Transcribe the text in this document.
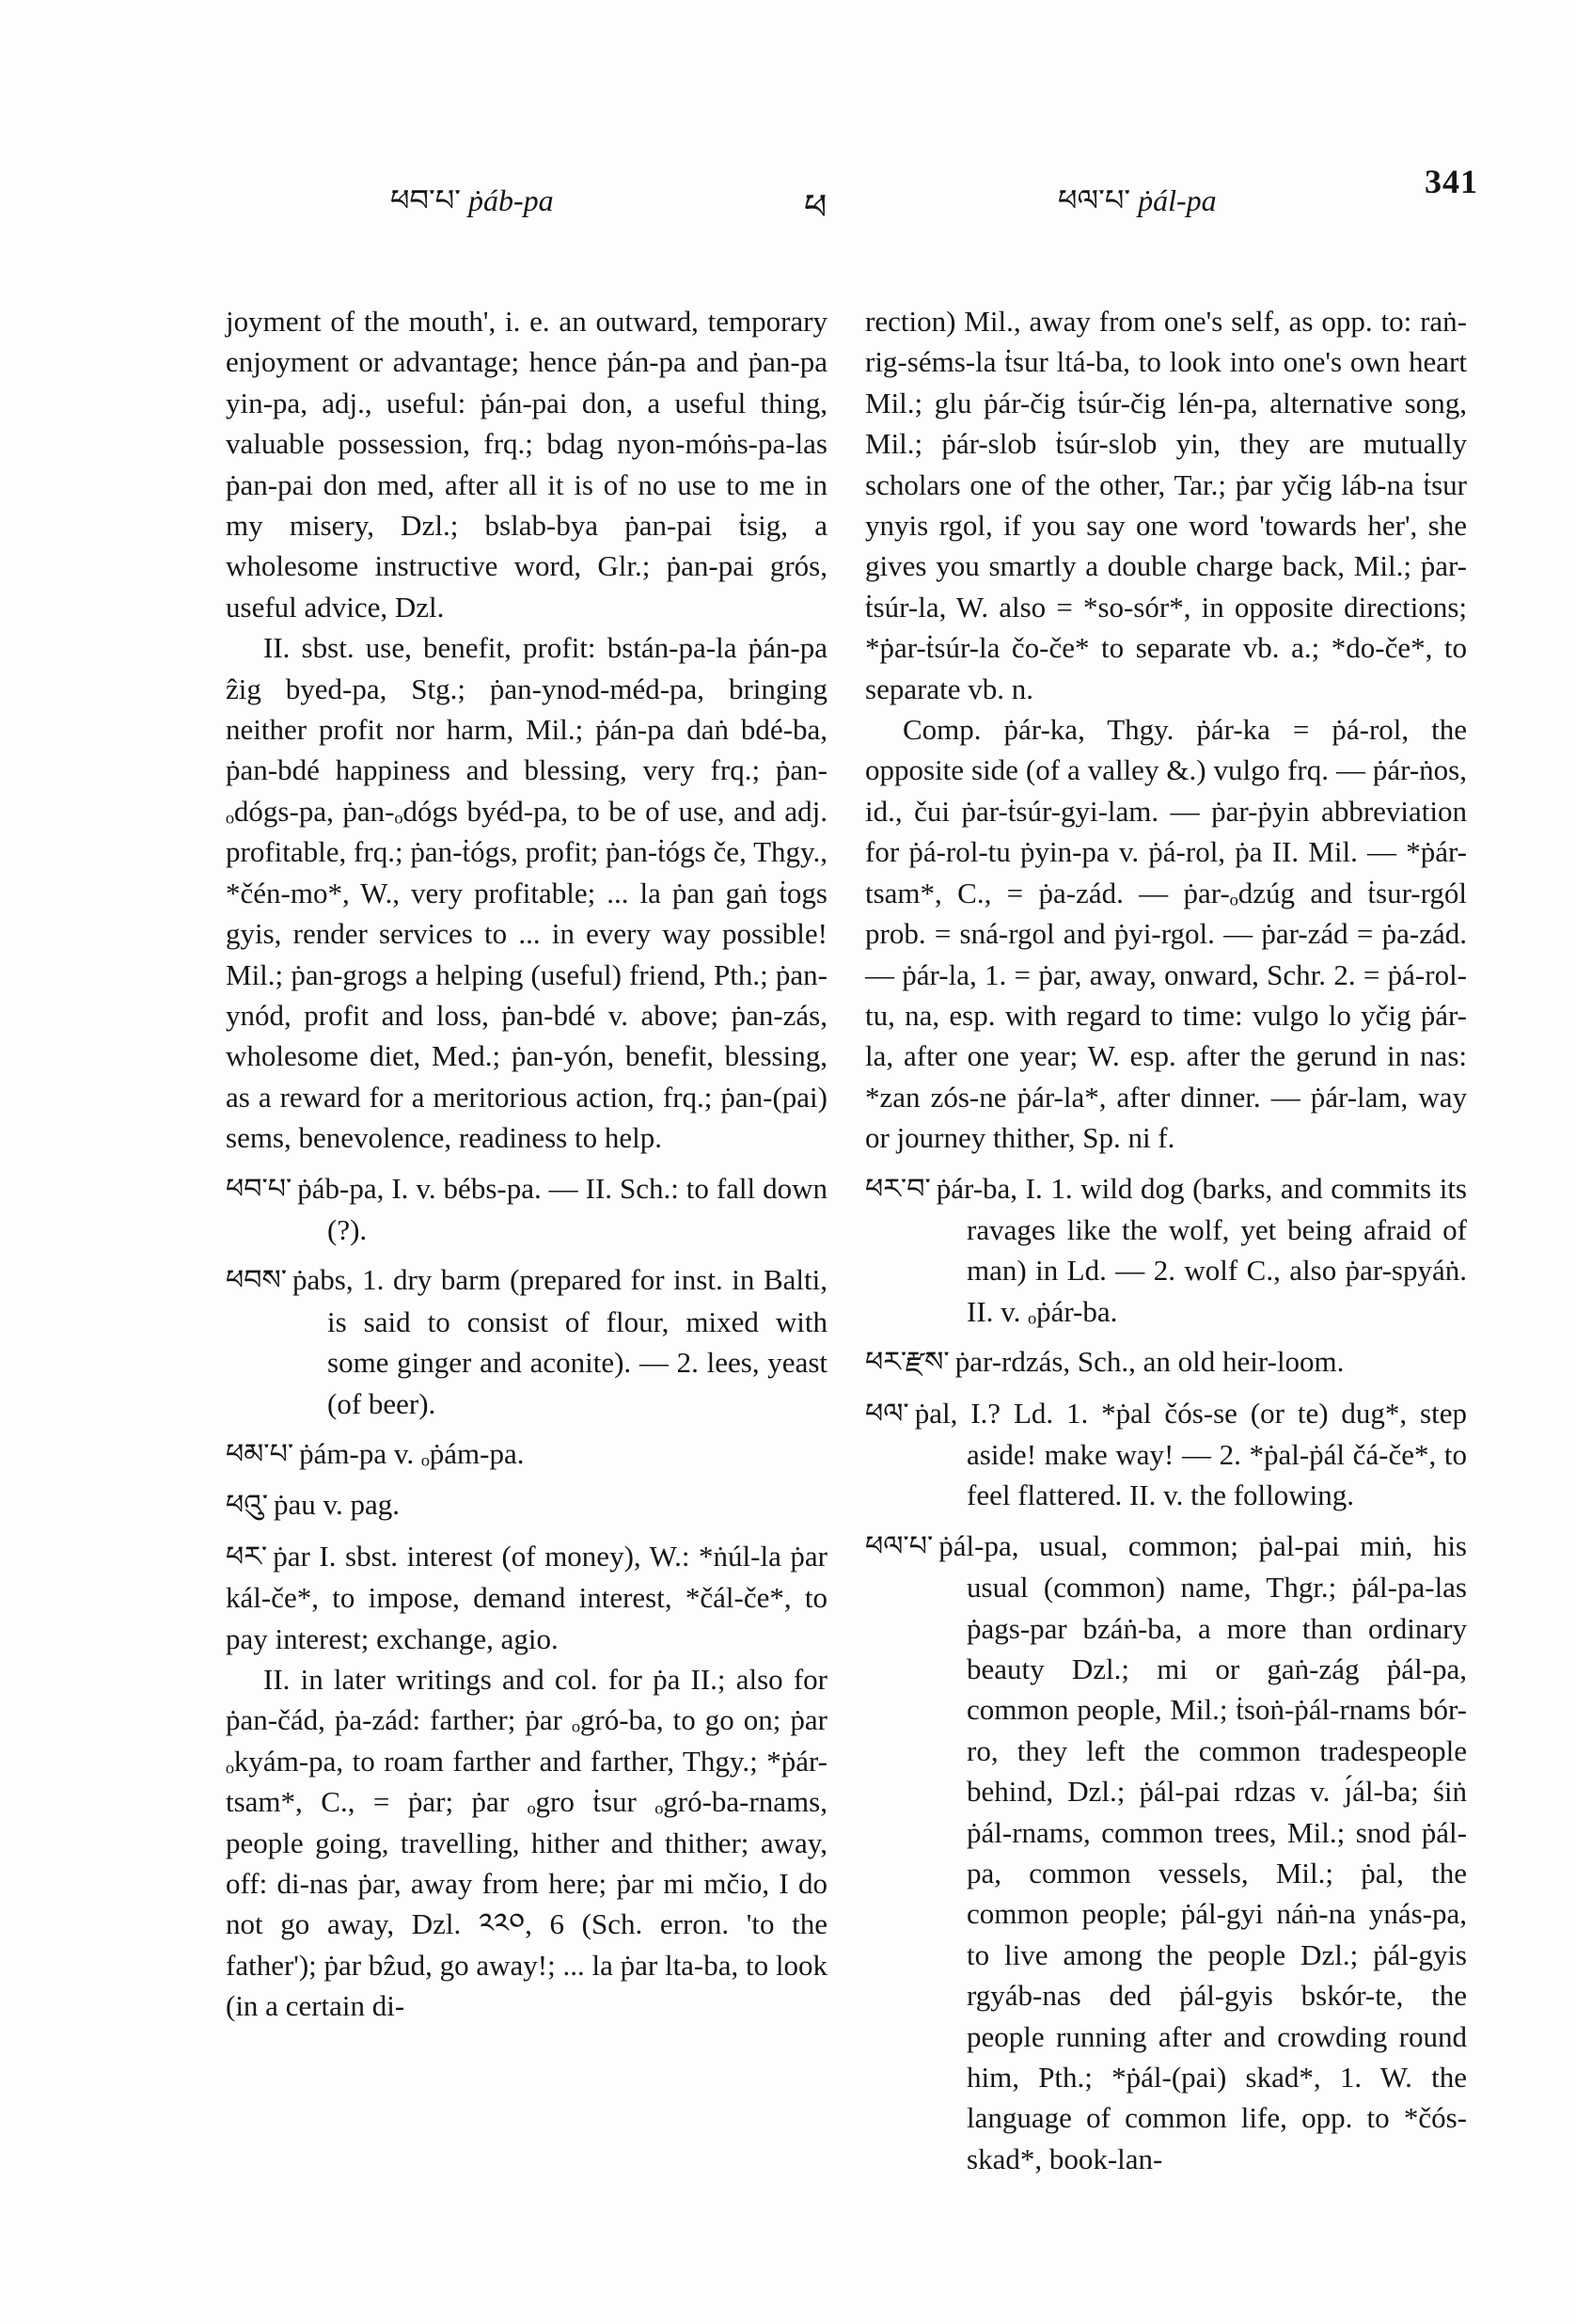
ཕབ་པ་ ṗáb-pa	ཕ	ཕལ་པ་ ṗál-pa	341

joyment of the mouth', i. e. an outward, temporary enjoyment or advantage; hence ṗán-pa and ṗan-pa yin-pa, adj., useful: ṗán-pai don, a useful thing, valuable possession, frq.; bdag nyon-móṅs-pa-las ṗan-pai don med, after all it is of no use to me in my misery, Dzl.; bslab-bya ṗan-pai ṫsig, a wholesome instructive word, Glr.; ṗan-pai grós, useful advice, Dzl.

II. sbst. use, benefit, profit: bstán-pa-la ṗán-pa ẑig byed-pa, Stg.; ṗan-ynod-méd-pa, bringing neither profit nor harm, Mil.; ṗán-pa daṅ bdé-ba, ṗan-bdé happiness and blessing, very frq.; ṗan-ₒdógs-pa, ṗan-ₒdógs byéd-pa, to be of use, and adj. profitable, frq.; ṗan-ṫógs, profit; ṗan-ṫógs če, Thgy., *čén-mo*, W., very profitable; ... la ṗan gaṅ ṫogs gyis, render services to ... in every way possible! Mil.; ṗan-grogs a helping (useful) friend, Pth.; ṗan-ynód, profit and loss, ṗan-bdé v. above; ṗan-zás, wholesome diet, Med.; ṗan-yón, benefit, blessing, as a reward for a meritorious action, frq.; ṗan-(pai) sems, benevolence, readiness to help.

ཕབ་པ་ ṗáb-pa, I. v. bébs-pa. — II. Sch.: to fall down (?).

ཕབས་ ṗabs, 1. dry barm (prepared for inst. in Balti, is said to consist of flour, mixed with some ginger and aconite). — 2. lees, yeast (of beer).

ཕམ་པ་ ṗám-pa v. ₒṗám-pa.

ཕའུ་ ṗau v. pag.

ཕར་ ṗar I. sbst. interest (of money), W.: *ṅúl-la ṗar kál-če*, to impose, demand interest, *čál-če*, to pay interest; exchange, agio.

II. in later writings and col. for ṗa II.; also for ṗan-čád, ṗa-zád: farther; ṗar ₒgró-ba, to go on; ṗar ₒkyám-pa, to roam farther and farther, Thgy.; *ṗár-tsam*, C., = ṗar; ṗar ₒgro ṫsur ₒgró-ba-rnams, people going, travelling, hither and thither; away, off: di-nas ṗar, away from here; ṗar mi mčio, I do not go away, Dzl. ༢༢༠, 6 (Sch. erron. 'to the father'); ṗar bẑud, go away!; ... la ṗar lta-ba, to look (in a certain di-

rection) Mil., away from one's self, as opp. to: raṅ-rig-séms-la ṫsur ltá-ba, to look into one's own heart Mil.; glu ṗár-čig ṫsúr-čig lén-pa, alternative song, Mil.; ṗár-slob ṫsúr-slob yin, they are mutually scholars one of the other, Tar.; ṗar yčig láb-na ṫsur ynyis rgol, if you say one word 'towards her', she gives you smartly a double charge back, Mil.; ṗar-ṫsúr-la, W. also = *so-sór*, in opposite directions; *ṗar-ṫsúr-la čo-če* to separate vb. a.; *do-če*, to separate vb. n.

Comp. ṗár-ka, Thgy. ṗár-ka = ṗá-rol, the opposite side (of a valley &.) vulgo frq. — ṗár-ṅos, id., čui ṗar-ṫsúr-gyi-lam. — ṗar-ṗyin abbreviation for ṗá-rol-tu ṗyin-pa v. ṗá-rol, ṗa II. Mil. — *ṗár-tsam*, C., = ṗa-zád. — ṗar-ₒdzúg and ṫsur-rgól prob. = sná-rgol and ṗyi-rgol. — ṗar-zád = ṗa-zád. — ṗár-la, 1. = ṗar, away, onward, Schr. 2. = ṗá-rol-tu, na, esp. with regard to time: vulgo lo yčig ṗár-la, after one year; W. esp. after the gerund in nas: *zan zós-ne ṗár-la*, after dinner. — ṗár-lam, way or journey thither, Sp. ni f.

ཕར་བ་ ṗár-ba, I. 1. wild dog (barks, and commits its ravages like the wolf, yet being afraid of man) in Ld. — 2. wolf C., also ṗar-spyáṅ. II. v. ₒṗár-ba.

ཕར་རྫས་ ṗar-rdzás, Sch., an old heir-loom.

ཕལ་ ṗal, I.? Ld. 1. *ṗal čós-se (or te) dug*, step aside! make way! — 2. *ṗal-ṗál čá-če*, to feel flattered. II. v. the following.

ཕལ་པ་ ṗál-pa, usual, common; ṗal-pai miṅ, his usual (common) name, Thgr.; ṗál-pa-las ṗags-par bzáṅ-ba, a more than ordinary beauty Dzl.; mi or gaṅ-zág ṗál-pa, common people, Mil.; ṫsoṅ-ṗál-rnams bór-ro, they left the common tradespeople behind, Dzl.; ṗál-pai rdzas v. ȷ́ál-ba; śiṅ ṗál-rnams, common trees, Mil.; snod ṗál-pa, common vessels, Mil.; ṗal, the common people; ṗál-gyi náṅ-na ynás-pa, to live among the people Dzl.; ṗál-gyis rgyáb-nas ded ṗál-gyis bskór-te, the people running after and crowding round him, Pth.; *ṗál-(pai) skad*, 1. W. the language of common life, opp. to *čós-skad*, book-lan-
